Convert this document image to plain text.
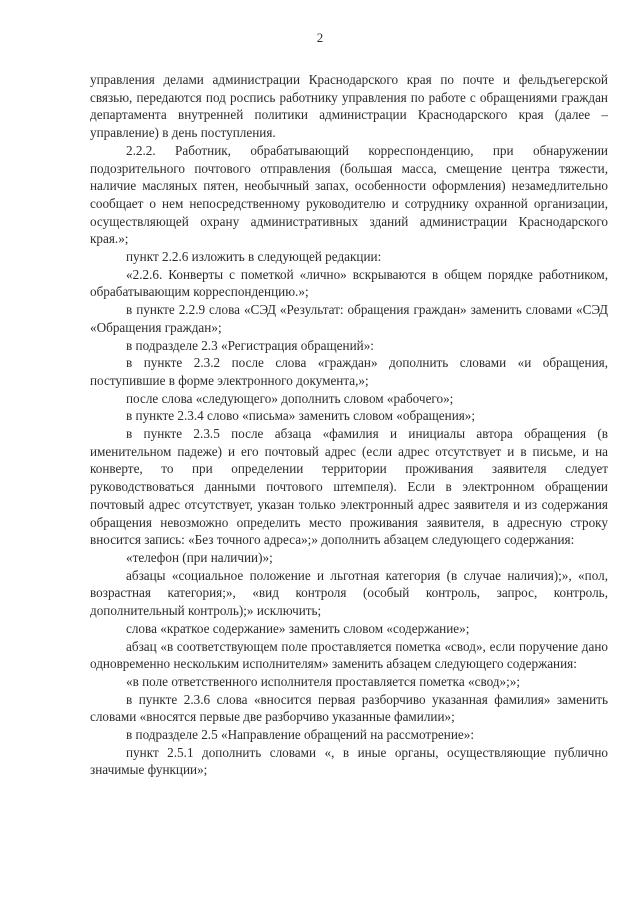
2

управления делами администрации Краснодарского края по почте и фельдъегерской связью, передаются под роспись работнику управления по работе с обращениями граждан департамента внутренней политики администрации Краснодарского края (далее – управление) в день поступления.

2.2.2. Работник, обрабатывающий корреспонденцию, при обнаружении подозрительного почтового отправления (большая масса, смещение центра тяжести, наличие масляных пятен, необычный запах, особенности оформления) незамедлительно сообщает о нем непосредственному руководителю и сотруднику охранной организации, осуществляющей охрану административных зданий администрации Краснодарского края.»;

пункт 2.2.6 изложить в следующей редакции:

«2.2.6. Конверты с пометкой «лично» вскрываются в общем порядке работником, обрабатывающим корреспонденцию.»;

в пункте 2.2.9 слова «СЭД «Результат: обращения граждан» заменить словами «СЭД «Обращения граждан»;

в подразделе 2.3 «Регистрация обращений»:

в пункте 2.3.2 после слова «граждан» дополнить словами «и обращения, поступившие в форме электронного документа,»;

после слова «следующего» дополнить словом «рабочего»;

в пункте 2.3.4 слово «письма» заменить словом «обращения»;

в пункте 2.3.5 после абзаца «фамилия и инициалы автора обращения (в именительном падеже) и его почтовый адрес (если адрес отсутствует и в письме, и на конверте, то при определении территории проживания заявителя следует руководствоваться данными почтового штемпеля). Если в электронном обращении почтовый адрес отсутствует, указан только электронный адрес заявителя и из содержания обращения невозможно определить место проживания заявителя, в адресную строку вносится запись: «Без точного адреса»;» дополнить абзацем следующего содержания:

«телефон (при наличии)»;

абзацы «социальное положение и льготная категория (в случае наличия);», «пол, возрастная категория;», «вид контроля (особый контроль, запрос, контроль, дополнительный контроль);» исключить;

слова «краткое содержание» заменить словом «содержание»;

абзац «в соответствующем поле проставляется пометка «свод», если поручение дано одновременно нескольким исполнителям» заменить абзацем следующего содержания:

«в поле ответственного исполнителя проставляется пометка «свод»;»;

в пункте 2.3.6 слова «вносится первая разборчиво указанная фамилия» заменить словами «вносятся первые две разборчиво указанные фамилии»;

в подразделе 2.5 «Направление обращений на рассмотрение»:

пункт 2.5.1 дополнить словами «, в иные органы, осуществляющие публично значимые функции»;
